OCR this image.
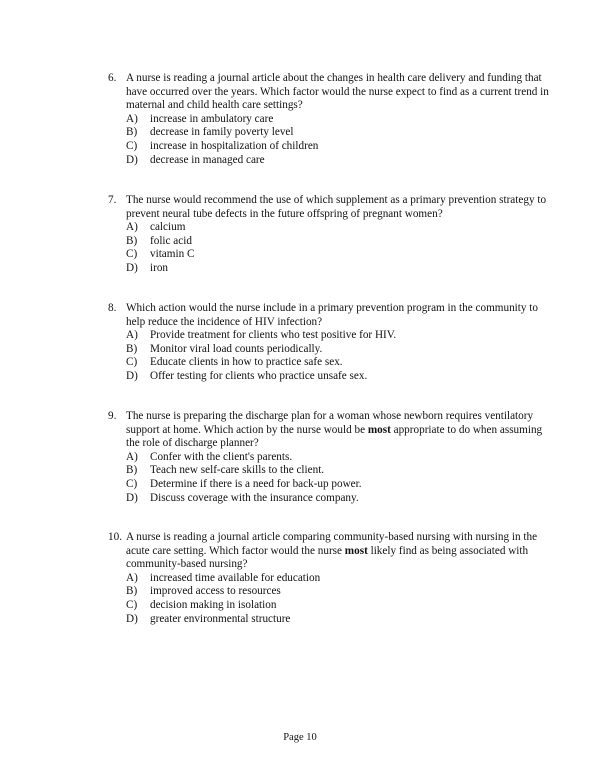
6. A nurse is reading a journal article about the changes in health care delivery and funding that have occurred over the years. Which factor would the nurse expect to find as a current trend in maternal and child health care settings?
A)	increase in ambulatory care
B)	decrease in family poverty level
C)	increase in hospitalization of children
D)	decrease in managed care
7. The nurse would recommend the use of which supplement as a primary prevention strategy to prevent neural tube defects in the future offspring of pregnant women?
A)	calcium
B)	folic acid
C)	vitamin C
D)	iron
8. Which action would the nurse include in a primary prevention program in the community to help reduce the incidence of HIV infection?
A)	Provide treatment for clients who test positive for HIV.
B)	Monitor viral load counts periodically.
C)	Educate clients in how to practice safe sex.
D)	Offer testing for clients who practice unsafe sex.
9. The nurse is preparing the discharge plan for a woman whose newborn requires ventilatory support at home. Which action by the nurse would be most appropriate to do when assuming the role of discharge planner?
A)	Confer with the client's parents.
B)	Teach new self-care skills to the client.
C)	Determine if there is a need for back-up power.
D)	Discuss coverage with the insurance company.
10. A nurse is reading a journal article comparing community-based nursing with nursing in the acute care setting. Which factor would the nurse most likely find as being associated with community-based nursing?
A)	increased time available for education
B)	improved access to resources
C)	decision making in isolation
D)	greater environmental structure
Page 10
